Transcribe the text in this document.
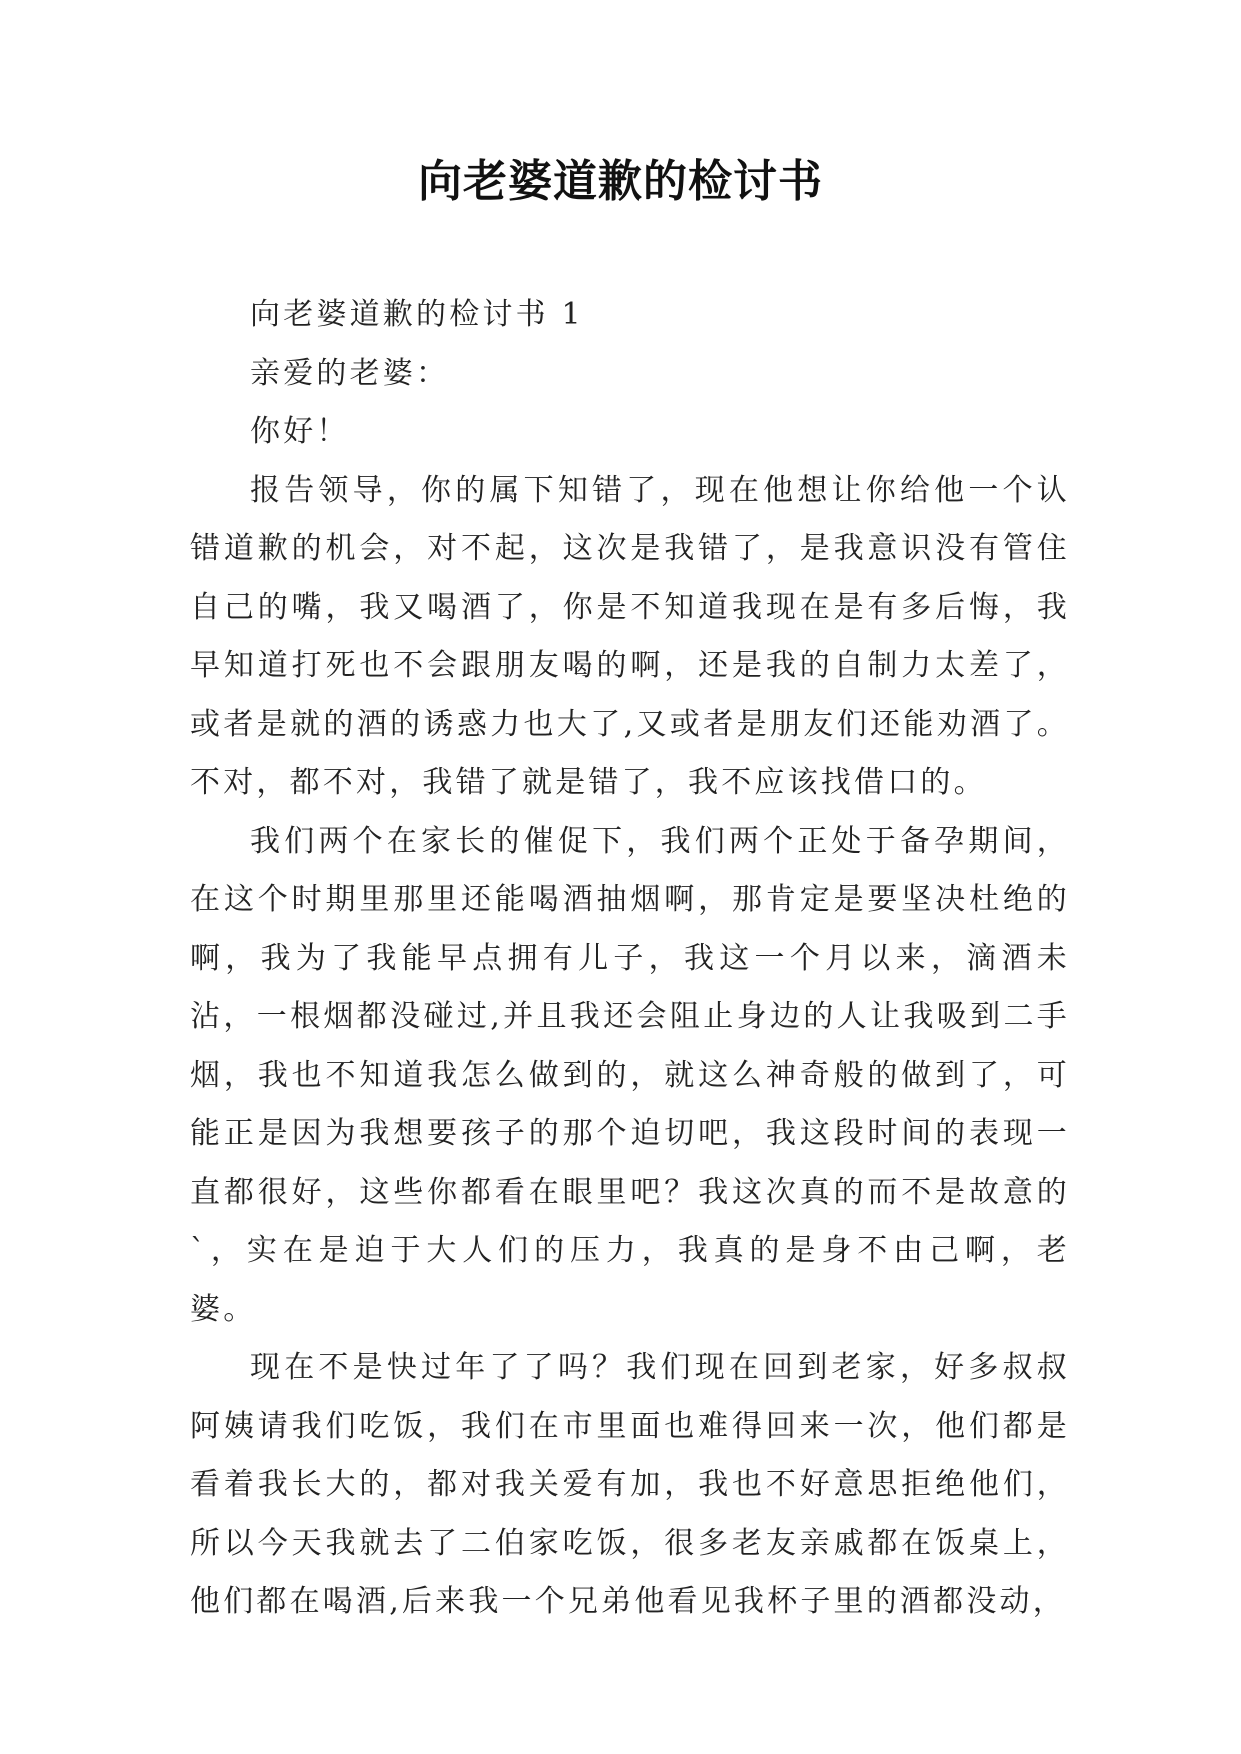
向老婆道歉的检讨书

向老婆道歉的检讨书 1

亲爱的老婆：

你好！

报告领导，你的属下知错了，现在他想让你给他一个认错道歉的机会，对不起，这次是我错了，是我意识没有管住自己的嘴，我又喝酒了，你是不知道我现在是有多后悔，我早知道打死也不会跟朋友喝的啊，还是我的自制力太差了，或者是就的酒的诱惑力也大了,又或者是朋友们还能劝酒了。不对，都不对，我错了就是错了，我不应该找借口的。

我们两个在家长的催促下，我们两个正处于备孕期间，在这个时期里那里还能喝酒抽烟啊，那肯定是要坚决杜绝的啊，我为了我能早点拥有儿子，我这一个月以来，滴酒未沾，一根烟都没碰过,并且我还会阻止身边的人让我吸到二手烟，我也不知道我怎么做到的，就这么神奇般的做到了，可能正是因为我想要孩子的那个迫切吧，我这段时间的表现一直都很好，这些你都看在眼里吧？我这次真的而不是故意的`，实在是迫于大人们的压力，我真的是身不由己啊，老婆。

现在不是快过年了了吗？我们现在回到老家，好多叔叔阿姨请我们吃饭，我们在市里面也难得回来一次，他们都是看着我长大的，都对我关爱有加，我也不好意思拒绝他们，所以今天我就去了二伯家吃饭，很多老友亲戚都在饭桌上，他们都在喝酒,后来我一个兄弟他看见我杯子里的酒都没动，
